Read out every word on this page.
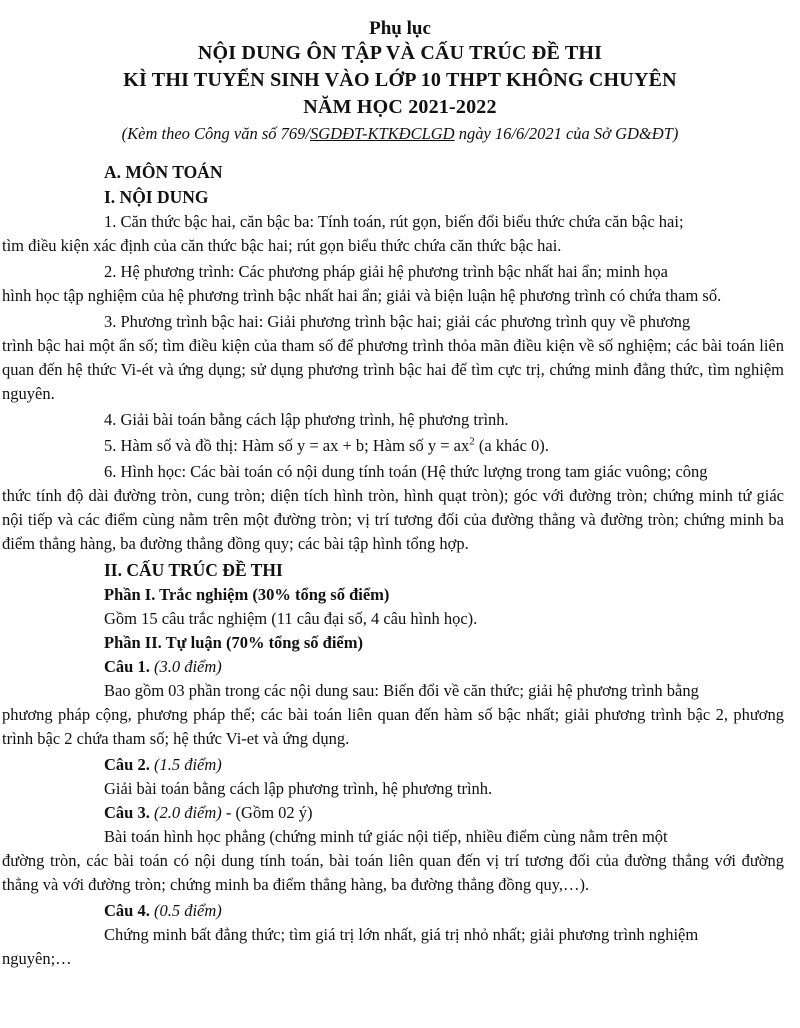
Phụ lục
NỘI DUNG ÔN TẬP VÀ CẤU TRÚC ĐỀ THI
KÌ THI TUYỂN SINH VÀO LỚP 10 THPT KHÔNG CHUYÊN
NĂM HỌC 2021-2022
(Kèm theo Công văn số 769/SGDĐT-KTKĐCLGD ngày 16/6/2021 của Sở GD&ĐT)
A. MÔN TOÁN
I. NỘI DUNG
1. Căn thức bậc hai, căn bậc ba: Tính toán, rút gọn, biến đổi biểu thức chứa căn bậc hai;
tìm điều kiện xác định của căn thức bậc hai; rút gọn biểu thức chứa căn thức bậc hai.
2. Hệ phương trình: Các phương pháp giải hệ phương trình bậc nhất hai ẩn; minh họa
hình học tập nghiệm của hệ phương trình bậc nhất hai ẩn; giải và biện luận hệ phương trình có chứa tham số.
3. Phương trình bậc hai: Giải phương trình bậc hai; giải các phương trình quy về phương
trình bậc hai một ẩn số; tìm điều kiện của tham số để phương trình thỏa mãn điều kiện về số nghiệm; các bài toán liên quan đến hệ thức Vi-ét và ứng dụng; sử dụng phương trình bậc hai để tìm cực trị, chứng minh đẳng thức, tìm nghiệm nguyên.
4. Giải bài toán bằng cách lập phương trình, hệ phương trình.
5. Hàm số và đồ thị: Hàm số y = ax + b; Hàm số $y = ax^2$ (a khác 0).
6. Hình học: Các bài toán có nội dung tính toán (Hệ thức lượng trong tam giác vuông; công
thức tính độ dài đường tròn, cung tròn; diện tích hình tròn, hình quạt tròn); góc với đường tròn; chứng minh tứ giác nội tiếp và các điểm cùng nằm trên một đường tròn; vị trí tương đối của đường thẳng và đường tròn; chứng minh ba điểm thẳng hàng, ba đường thẳng đồng quy; các bài tập hình tổng hợp.
II. CẤU TRÚC ĐỀ THI
Phần I. Trắc nghiệm (30% tổng số điểm)
Gồm 15 câu trắc nghiệm (11 câu đại số, 4 câu hình học).
Phần II. Tự luận (70% tổng số điểm)
Câu 1. (3.0 điểm)
Bao gồm 03 phần trong các nội dung sau: Biến đổi về căn thức; giải hệ phương trình bằng
phương pháp cộng, phương pháp thế; các bài toán liên quan đến hàm số bậc nhất; giải phương trình bậc 2, phương trình bậc 2 chứa tham số; hệ thức Vi-et và ứng dụng.
Câu 2. (1.5 điểm)
Giải bài toán bằng cách lập phương trình, hệ phương trình.
Câu 3. (2.0 điểm) - (Gồm 02 ý)
Bài toán hình học phẳng (chứng minh tứ giác nội tiếp, nhiều điểm cùng nằm trên một
đường tròn, các bài toán có nội dung tính toán, bài toán liên quan đến vị trí tương đối của đường thẳng với đường thẳng và với đường tròn; chứng minh ba điểm thẳng hàng, ba đường thẳng đồng quy,…).
Câu 4. (0.5 điểm)
Chứng minh bất đẳng thức; tìm giá trị lớn nhất, giá trị nhỏ nhất; giải phương trình nghiệm
nguyên;…
